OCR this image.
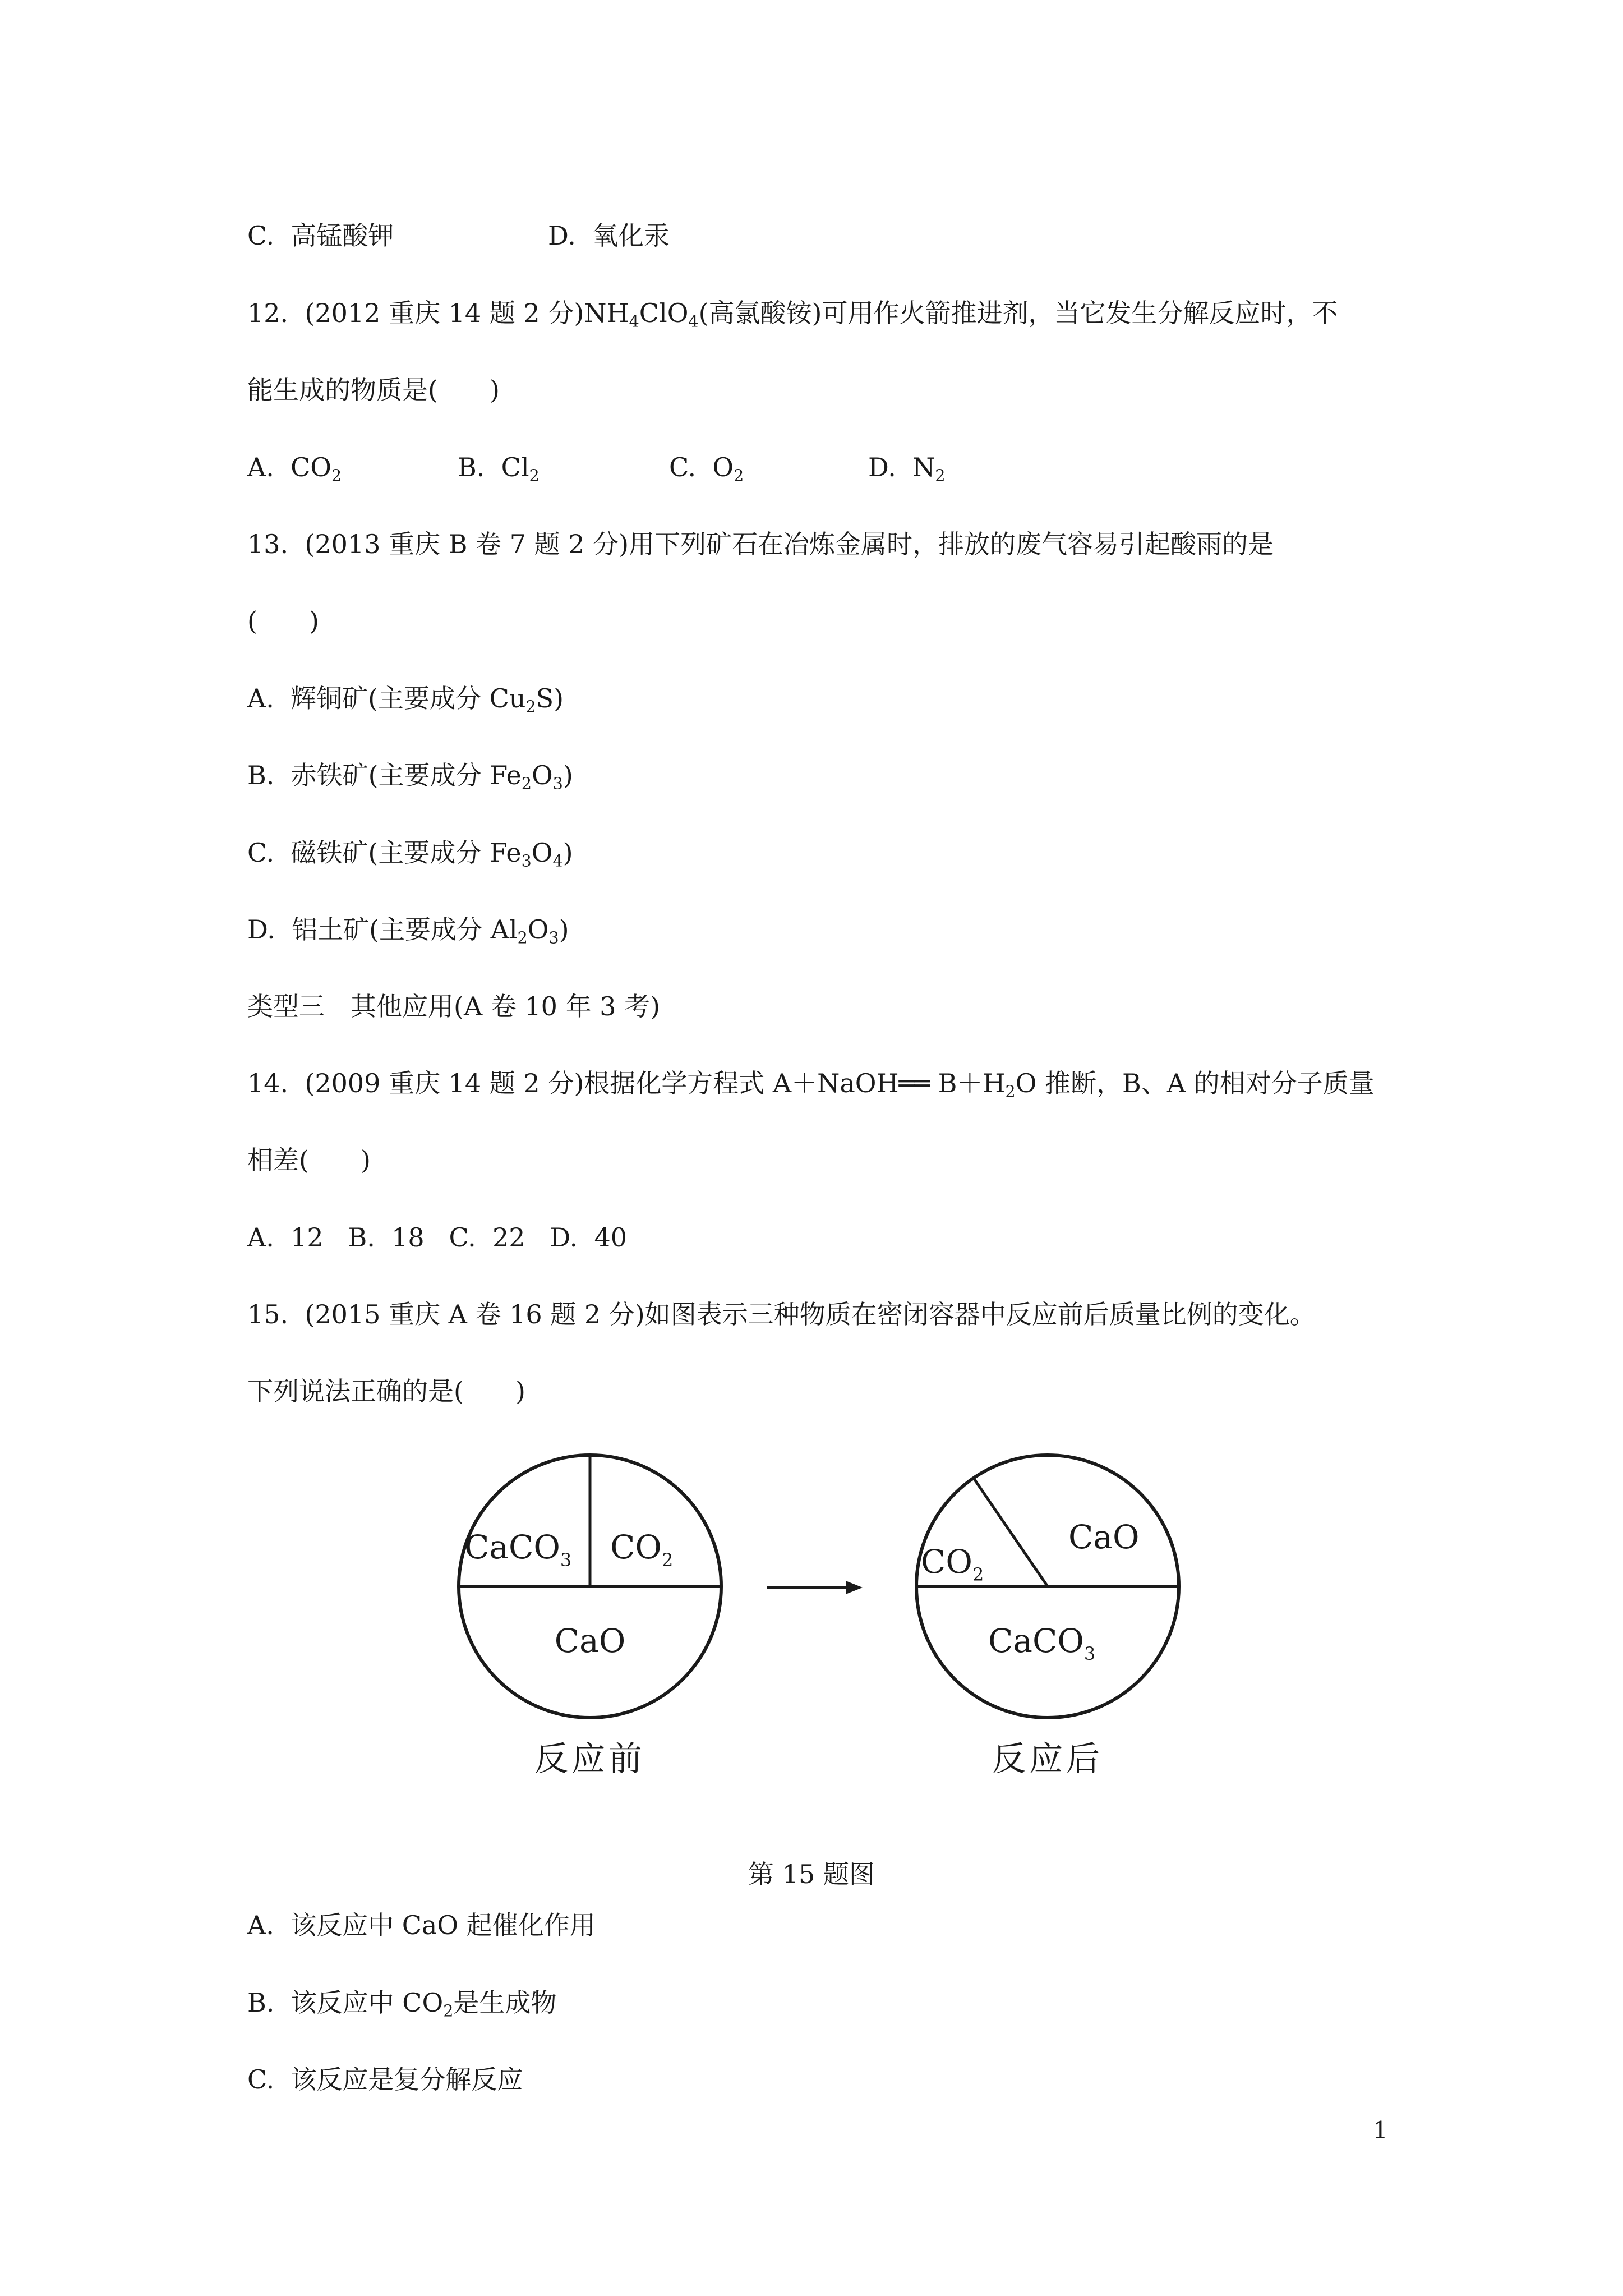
C.  高锰酸钾	D.  氧化汞

12.  (2012 重庆 14 题 2 分)$NH_4ClO_4$(高氯酸铵)可用作火箭推进剂，当它发生分解反应时，不

能生成的物质是(　　)

A.  $CO_2$	B.  $Cl_2$	C.  $O_2$	D.  $N_2$

13.  (2013 重庆 B 卷 7 题 2 分)用下列矿石在冶炼金属时，排放的废气容易引起酸雨的是

(　　)

A.  辉铜矿(主要成分 $Cu_2S$)

B.  赤铁矿(主要成分 $Fe_2O_3$)

C.  磁铁矿(主要成分 $Fe_3O_4$)

D.  铝土矿(主要成分 $Al_2O_3$)

类型三　其他应用(A 卷 10 年 3 考)

14.  (2009 重庆 14 题 2 分)根据化学方程式 A＋NaOH══ $B+H_2O$ 推断，B、A 的相对分子质量

相差(　　)

A.  12   B.  18   C.  22   D.  40

15.  (2015 重庆 A 卷 16 题 2 分)如图表示三种物质在密闭容器中反应前后质量比例的变化。

下列说法正确的是(　　)

CaCO$_3$ $CO_2$
CaO
反应前
$CO_2$
CaO
CaCO$_3$
反应后

第 15 题图

A.  该反应中 CaO 起催化作用

B.  该反应中 $CO_2$是生成物

C.  该反应是复分解反应

1
